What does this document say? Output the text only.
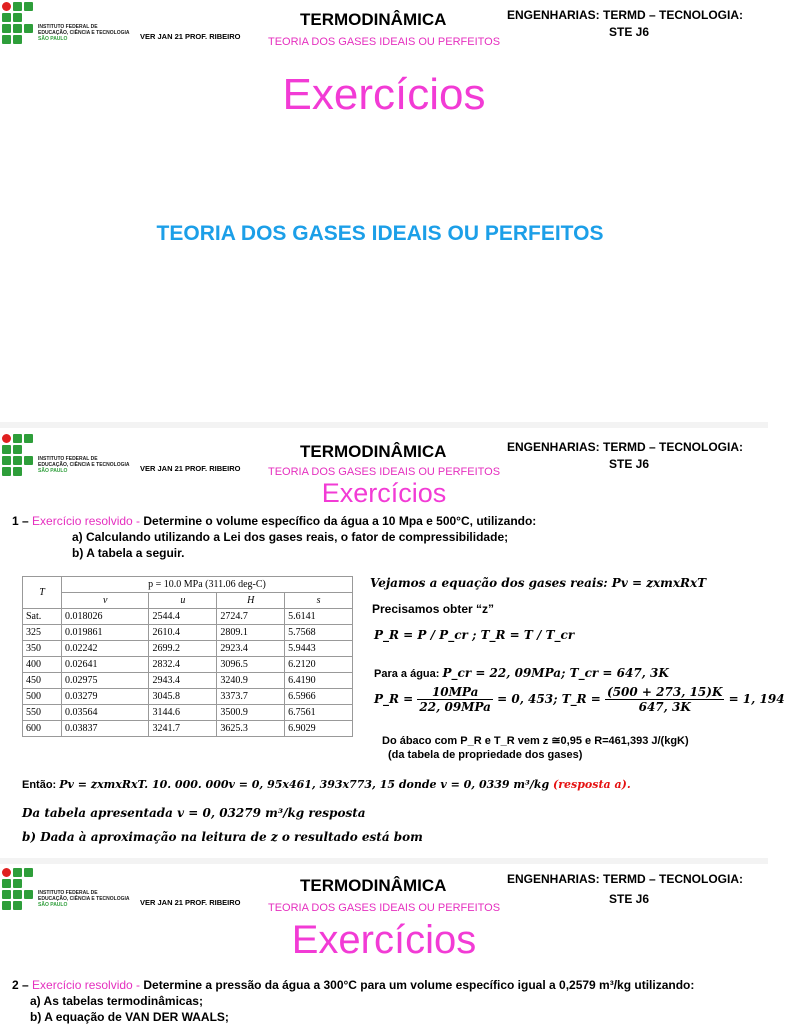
INSTITUTO FEDERAL DE
EDUCAÇÃO, CIÊNCIA E TECNOLOGIA
SÃO PAULO	VER JAN 21 PROF. RIBEIRO
TERMODINÂMICA
TEORIA DOS GASES IDEAIS OU PERFEITOS
ENGENHARIAS: TERMD – TECNOLOGIA:
STE J6
Exercícios
TEORIA DOS GASES IDEAIS OU PERFEITOS
INSTITUTO FEDERAL DE
EDUCAÇÃO, CIÊNCIA E TECNOLOGIA
SÃO PAULO	VER JAN 21 PROF. RIBEIRO
TERMODINÂMICA
TEORIA DOS GASES IDEAIS OU PERFEITOS
ENGENHARIAS: TERMD – TECNOLOGIA:
STE J6
Exercícios
1 – Exercício resolvido - Determine o volume específico da água a 10 Mpa e 500°C, utilizando:
a) Calculando utilizando a Lei dos gases reais, o fator de compressibilidade;
b) A tabela a seguir.
T	p = 10.0 MPa (311.06 deg-C)			
	v	u	H	s
Sat.	0.018026	2544.4	2724.7	5.6141
325	0.019861	2610.4	2809.1	5.7568
350	0.02242	2699.2	2923.4	5.9443
400	0.02641	2832.4	3096.5	6.2120
450	0.02975	2943.4	3240.9	6.4190
500	0.03279	3045.8	3373.7	6.5966
550	0.03564	3144.6	3500.9	6.7561
600	0.03837	3241.7	3625.3	6.9029
Vejamos a equação dos gases reais: Pv = zxmxRxT
Precisamos obter “z”
P_R = P / P_cr ; T_R = T / T_cr
Para a água: P_cr = 22, 09MPa; T_cr = 647, 3K
P_R = $\frac{\text{10MPa}}{\text{22, 09MPa}} = 0$, 453; T_R = $\frac{(500 + 273, 15)K}{647, 3K} = 1$, 194
Do ábaco com P_R e T_R vem z ≅0,95 e R=461,393 J/(kgK)
(da tabela de propriedade dos gases)
Então: Pv = zxmxRxT. 10. 000. 000v = 0, 95x461, 393x773, 15 donde v = 0, 0339 m³/kg (resposta a).
Da tabela apresentada v = 0, 03279 m³/kg resposta
b) Dada à aproximação na leitura de z o resultado está bom
INSTITUTO FEDERAL DE
EDUCAÇÃO, CIÊNCIA E TECNOLOGIA
SÃO PAULO	VER JAN 21 PROF. RIBEIRO
TERMODINÂMICA
TEORIA DOS GASES IDEAIS OU PERFEITOS
ENGENHARIAS: TERMD – TECNOLOGIA:
STE J6
Exercícios
2 – Exercício resolvido - Determine a pressão da água a 300°C para um volume específico igual a 0,2579 m³/kg utilizando:
a) As tabelas termodinâmicas;
b) A equação de VAN DER WAALS;
